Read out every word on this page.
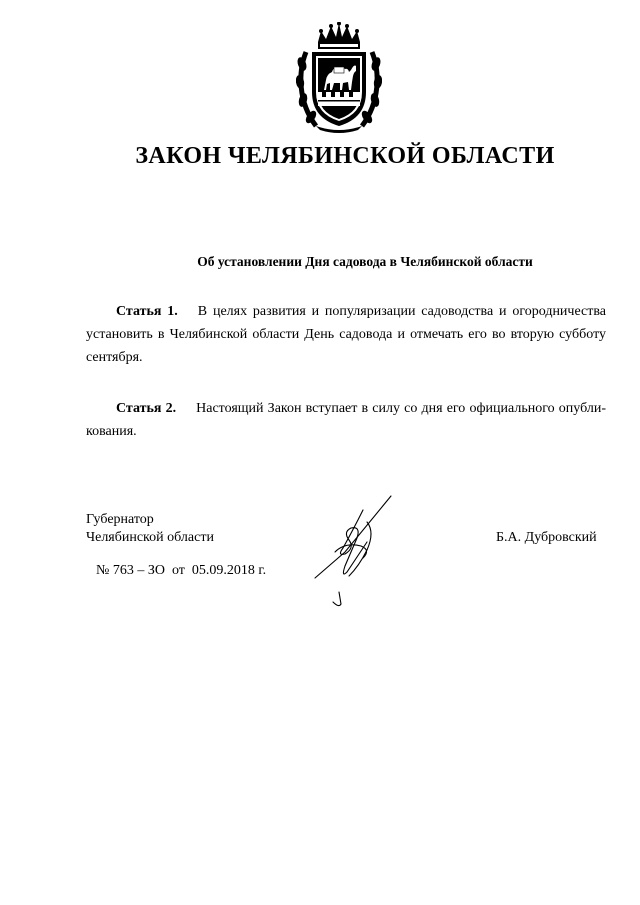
ЗАКОН ЧЕЛЯБИНСКОЙ ОБЛАСТИ
Об установлении Дня садовода в Челябинской области
Статья 1. В целях развития и популяризации садоводства и огородничества установить в Челябинской области День садовода и отмечать его во вторую субботу сентября.
Статья 2. Настоящий Закон вступает в силу со дня его официального опубликования.
Губернатор
Челябинской области	Б.А. Дубровский
№ 763 – ЗО  от  05.09.2018 г.
